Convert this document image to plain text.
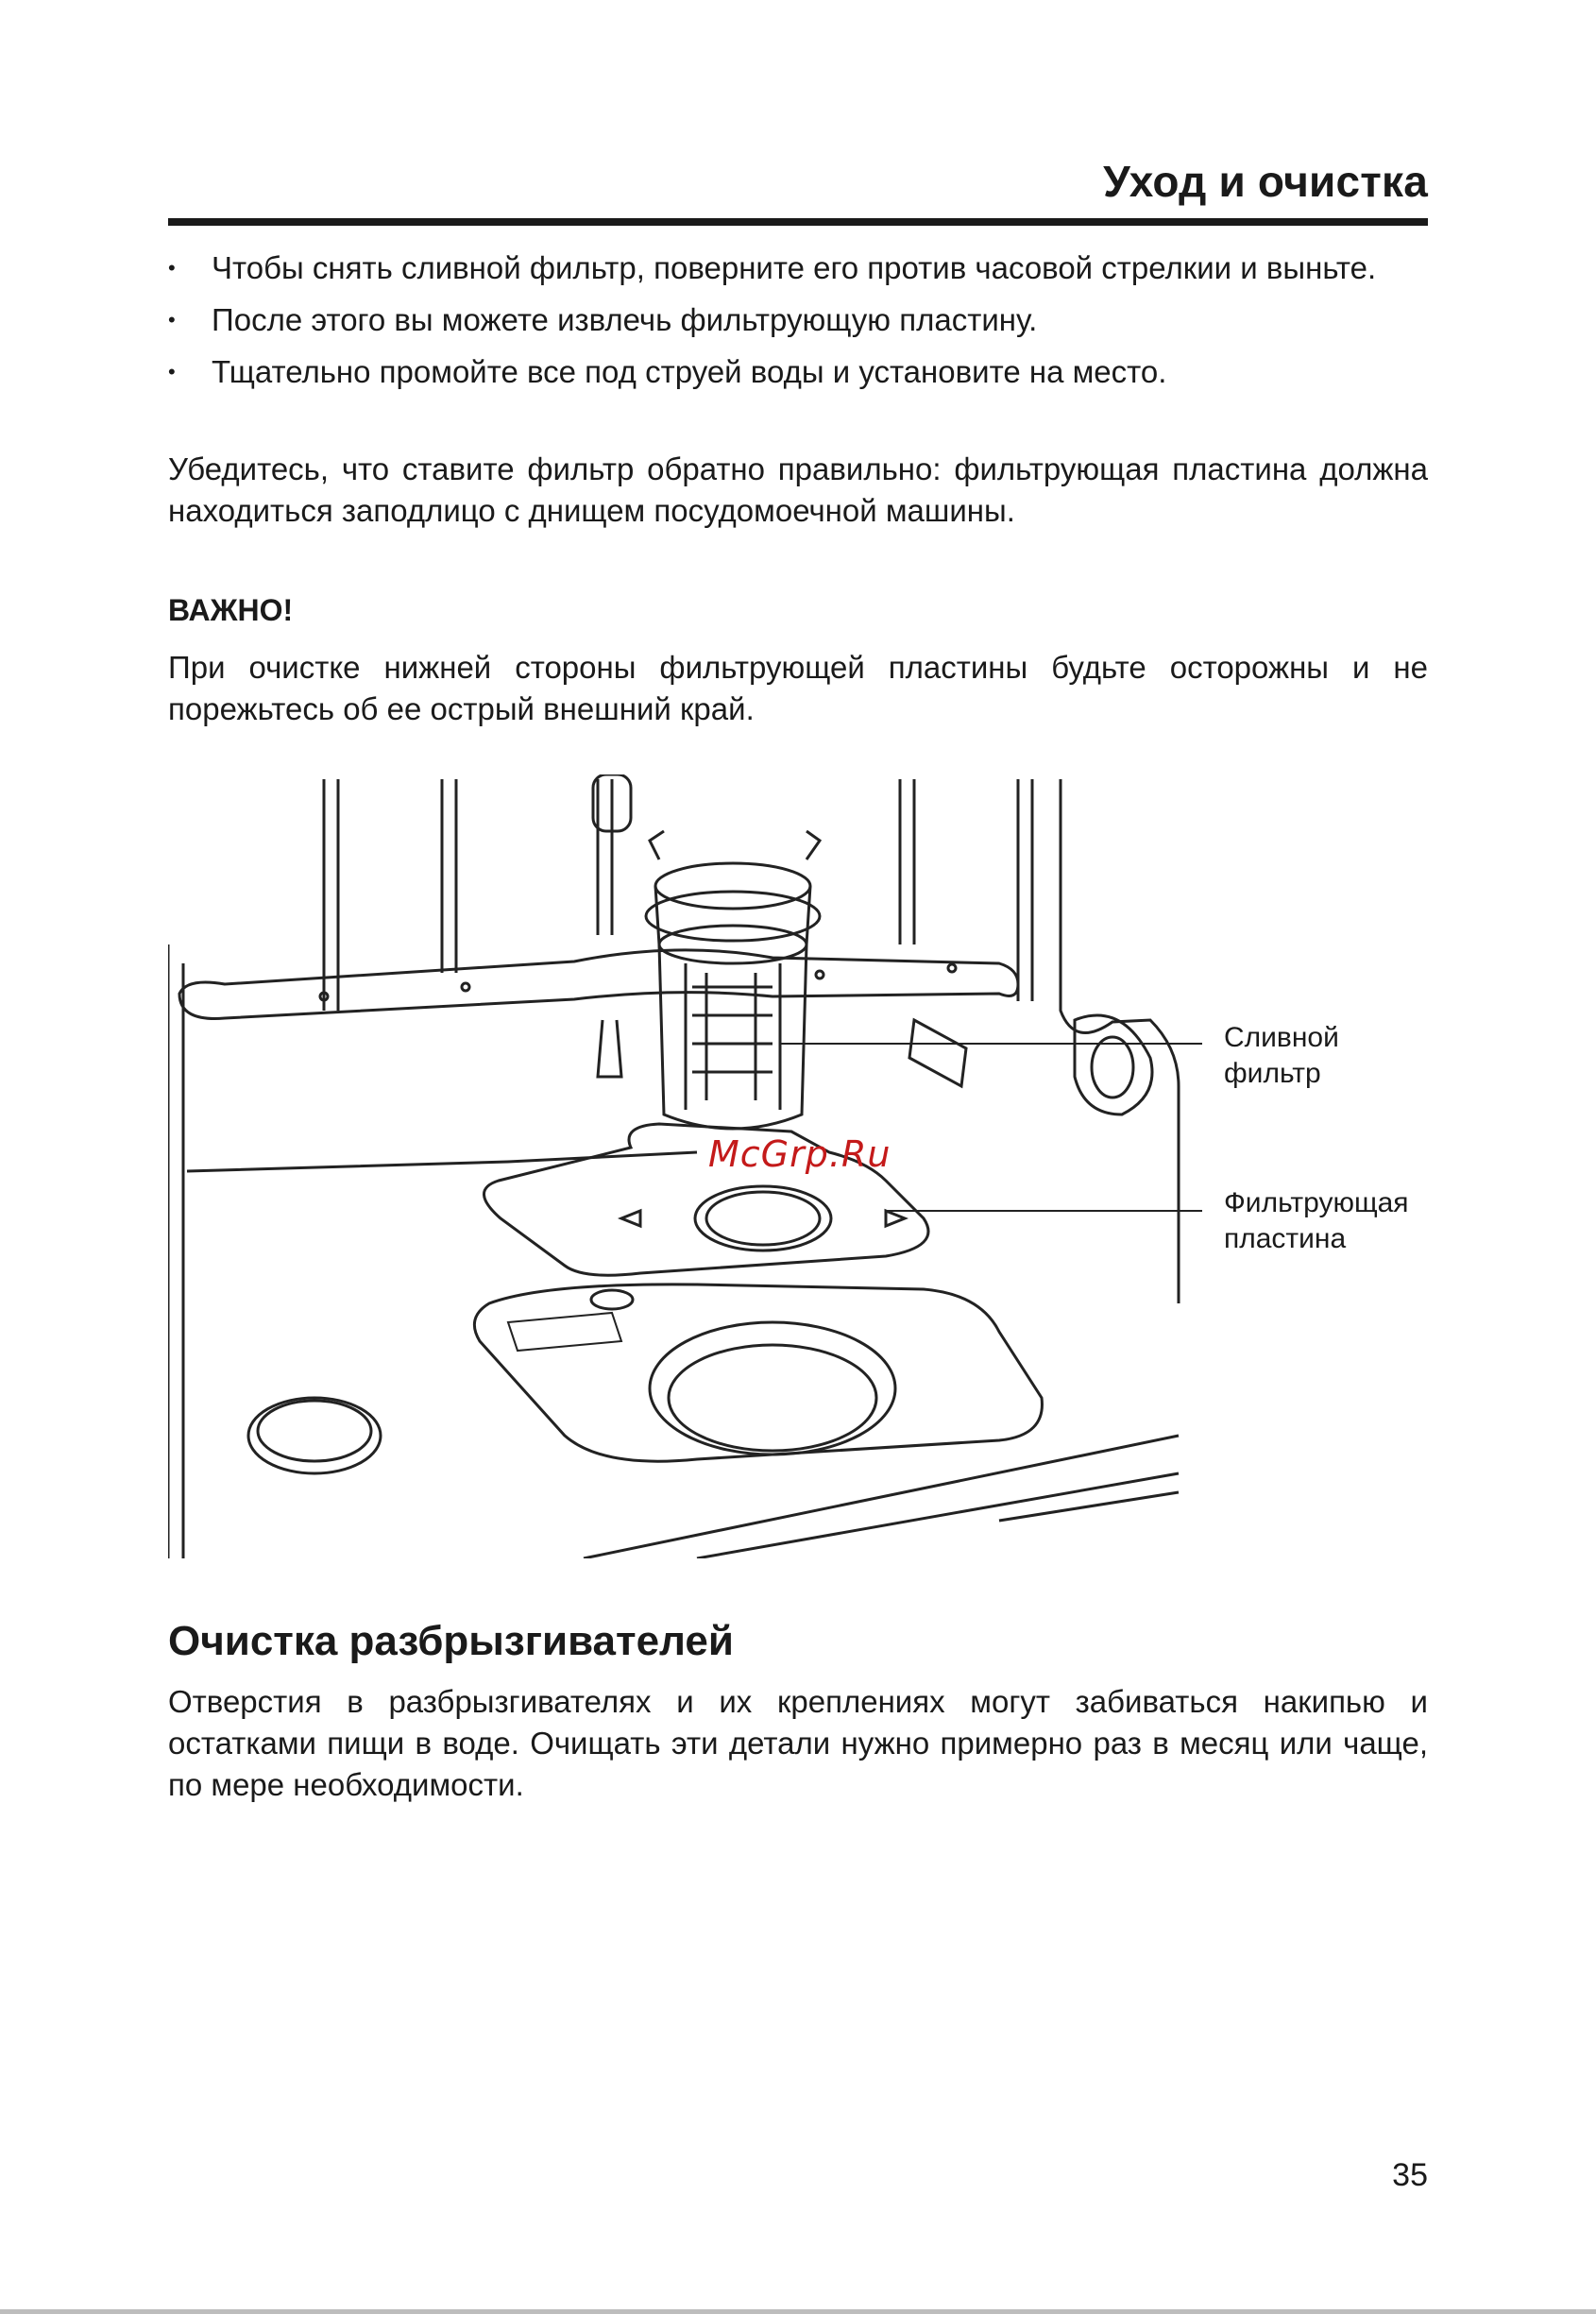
Уход и очистка
• Чтобы снять сливной фильтр, поверните его против часовой стрелкии и выньте.
• После этого вы можете извлечь фильтрующую пластину.
• Тщательно промойте все под струей воды и установите на место.
Убедитесь, что ставите фильтр обратно правильно: фильтрующая пластина должна находиться заподлицо с днищем посудомоечной машины.
ВАЖНО!
При очистке нижней стороны фильтрующей пластины будьте осторожны и не порежьтесь об ее острый внешний край.
Сливной
фильтр
Фильтрующая
пластина
McGrp.Ru
Очистка разбрызгивателей
Отверстия в разбрызгивателях и их креплениях могут забиваться накипью и остатками пищи в воде. Очищать эти детали нужно примерно раз в месяц или чаще, по мере необходимости.
35
